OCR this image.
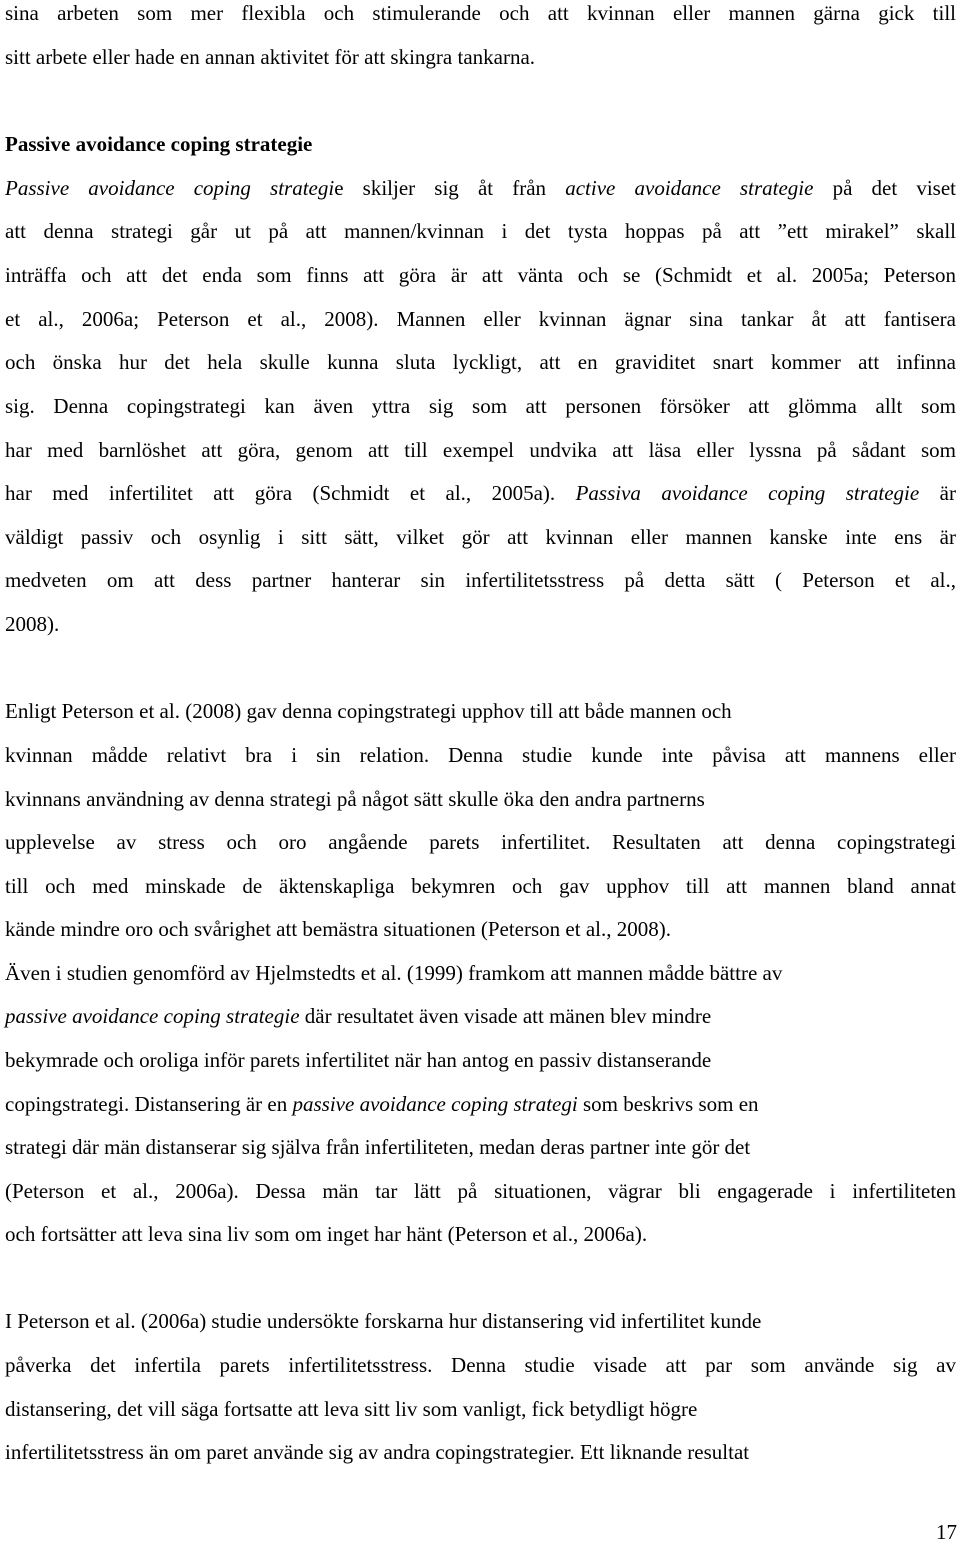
sina arbeten som mer flexibla och stimulerande och att kvinnan eller mannen gärna gick till
sitt arbete eller hade en annan aktivitet för att skingra tankarna.
Passive avoidance coping strategie
Passive avoidance coping strategie skiljer sig åt från active avoidance strategie på det viset
att denna strategi går ut på att mannen/kvinnan i det tysta hoppas på att ”ett mirakel” skall
inträffa och att det enda som finns att göra är att vänta och se (Schmidt et al. 2005a; Peterson
et al., 2006a; Peterson et al., 2008). Mannen eller kvinnan ägnar sina tankar åt att fantisera
och önska hur det hela skulle kunna sluta lyckligt, att en graviditet snart kommer att infinna
sig. Denna copingstrategi kan även yttra sig som att personen försöker att glömma allt som
har med barnlöshet att göra, genom att till exempel undvika att läsa eller lyssna på sådant som
har med infertilitet att göra (Schmidt et al., 2005a). Passiva avoidance coping strategie är
väldigt passiv och osynlig i sitt sätt, vilket gör att kvinnan eller mannen kanske inte ens är
medveten om att dess partner hanterar sin infertilitetsstress på detta sätt ( Peterson et al.,
2008).
Enligt Peterson et al. (2008) gav denna copingstrategi upphov till att både mannen och
kvinnan mådde relativt bra i sin relation. Denna studie kunde inte påvisa att mannens eller
kvinnans användning av denna strategi på något sätt skulle öka den andra partnerns
upplevelse av stress och oro angående parets infertilitet. Resultaten att denna copingstrategi
till och med minskade de äktenskapliga bekymren och gav upphov till att mannen bland annat
kände mindre oro och svårighet att bemästra situationen (Peterson et al., 2008).
Även i studien genomförd av Hjelmstedts et al. (1999) framkom att mannen mådde bättre av
passive avoidance coping strategie där resultatet även visade att mänen blev mindre
bekymrade och oroliga inför parets infertilitet när han antog en passiv distanserande
copingstrategi. Distansering är en passive avoidance coping strategi som beskrivs som en
strategi där män distanserar sig själva från infertiliteten, medan deras partner inte gör det
(Peterson et al., 2006a). Dessa män tar lätt på situationen, vägrar bli engagerade i infertiliteten
och fortsätter att leva sina liv som om inget har hänt (Peterson et al., 2006a).
I Peterson et al. (2006a) studie undersökte forskarna hur distansering vid infertilitet kunde
påverka det infertila parets infertilitetsstress. Denna studie visade att par som använde sig av
distansering, det vill säga fortsatte att leva sitt liv som vanligt, fick betydligt högre
infertilitetsstress än om paret använde sig av andra copingstrategier. Ett liknande resultat
17
